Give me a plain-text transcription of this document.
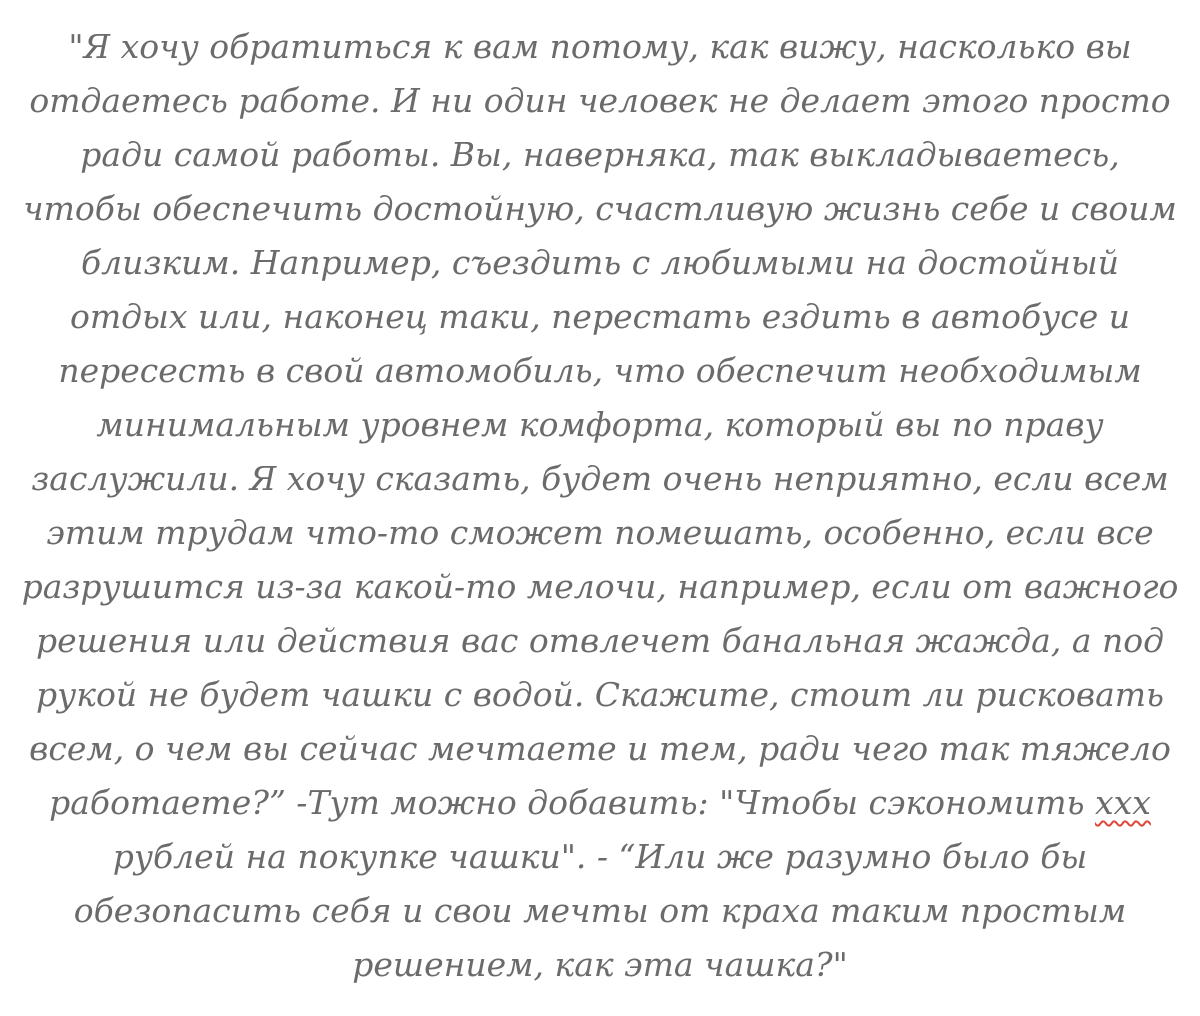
"Я хочу обратиться к вам потому, как вижу, насколько вы
отдаетесь работе. И ни один человек не делает этого просто
ради самой работы. Вы, наверняка, так выкладываетесь,
чтобы обеспечить достойную, счастливую жизнь себе и своим
близким. Например, съездить с любимыми на достойный
отдых или, наконец таки, перестать ездить в автобусе и
пересесть в свой автомобиль, что обеспечит необходимым
минимальным уровнем комфорта, который вы по праву
заслужили. Я хочу сказать, будет очень неприятно, если всем
этим трудам что-то сможет помешать, особенно, если все
разрушится из-за какой-то мелочи, например, если от важного
решения или действия вас отвлечет банальная жажда, а под
рукой не будет чашки с водой. Скажите, стоит ли рисковать
всем, о чем вы сейчас мечтаете и тем, ради чего так тяжело
работаете?” -Тут можно добавить: "Чтобы сэкономить ххх
рублей на покупке чашки". - “Или же разумно было бы
обезопасить себя и свои мечты от краха таким простым
решением, как эта чашка?"
